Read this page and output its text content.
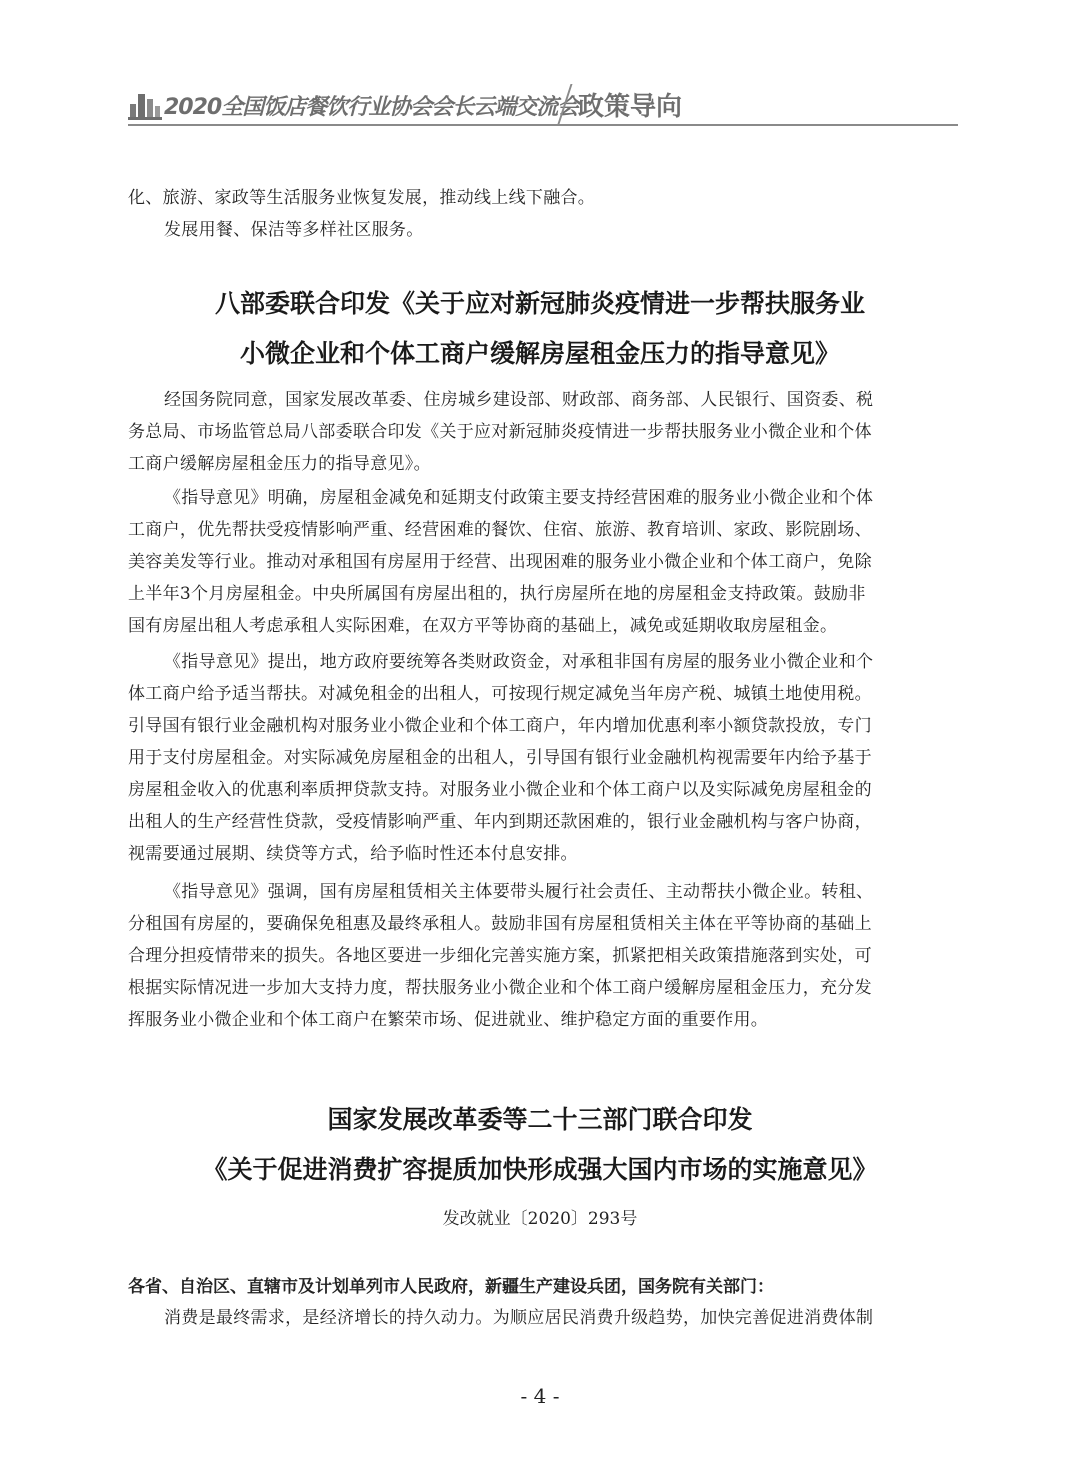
2020全国饭店餐饮行业协会会长云端交流会 政策导向
化、旅游、家政等生活服务业恢复发展，推动线上线下融合。
发展用餐、保洁等多样社区服务。
八部委联合印发《关于应对新冠肺炎疫情进一步帮扶服务业
小微企业和个体工商户缓解房屋租金压力的指导意见》
经国务院同意，国家发展改革委、住房城乡建设部、财政部、商务部、人民银行、国资委、税
务总局、市场监管总局八部委联合印发《关于应对新冠肺炎疫情进一步帮扶服务业小微企业和个体
工商户缓解房屋租金压力的指导意见》。
《指导意见》明确，房屋租金减免和延期支付政策主要支持经营困难的服务业小微企业和个体
工商户，优先帮扶受疫情影响严重、经营困难的餐饮、住宿、旅游、教育培训、家政、影院剧场、
美容美发等行业。推动对承租国有房屋用于经营、出现困难的服务业小微企业和个体工商户，免除
上半年3个月房屋租金。中央所属国有房屋出租的，执行房屋所在地的房屋租金支持政策。鼓励非
国有房屋出租人考虑承租人实际困难，在双方平等协商的基础上，减免或延期收取房屋租金。
《指导意见》提出，地方政府要统筹各类财政资金，对承租非国有房屋的服务业小微企业和个
体工商户给予适当帮扶。对减免租金的出租人，可按现行规定减免当年房产税、城镇土地使用税。
引导国有银行业金融机构对服务业小微企业和个体工商户，年内增加优惠利率小额贷款投放，专门
用于支付房屋租金。对实际减免房屋租金的出租人，引导国有银行业金融机构视需要年内给予基于
房屋租金收入的优惠利率质押贷款支持。对服务业小微企业和个体工商户以及实际减免房屋租金的
出租人的生产经营性贷款，受疫情影响严重、年内到期还款困难的，银行业金融机构与客户协商，
视需要通过展期、续贷等方式，给予临时性还本付息安排。
《指导意见》强调，国有房屋租赁相关主体要带头履行社会责任、主动帮扶小微企业。转租、
分租国有房屋的，要确保免租惠及最终承租人。鼓励非国有房屋租赁相关主体在平等协商的基础上
合理分担疫情带来的损失。各地区要进一步细化完善实施方案，抓紧把相关政策措施落到实处，可
根据实际情况进一步加大支持力度，帮扶服务业小微企业和个体工商户缓解房屋租金压力，充分发
挥服务业小微企业和个体工商户在繁荣市场、促进就业、维护稳定方面的重要作用。
国家发展改革委等二十三部门联合印发
《关于促进消费扩容提质加快形成强大国内市场的实施意见》

发改就业〔2020〕293号

各省、自治区、直辖市及计划单列市人民政府，新疆生产建设兵团，国务院有关部门：

消费是最终需求，是经济增长的持久动力。为顺应居民消费升级趋势，加快完善促进消费体制

- 4 -
